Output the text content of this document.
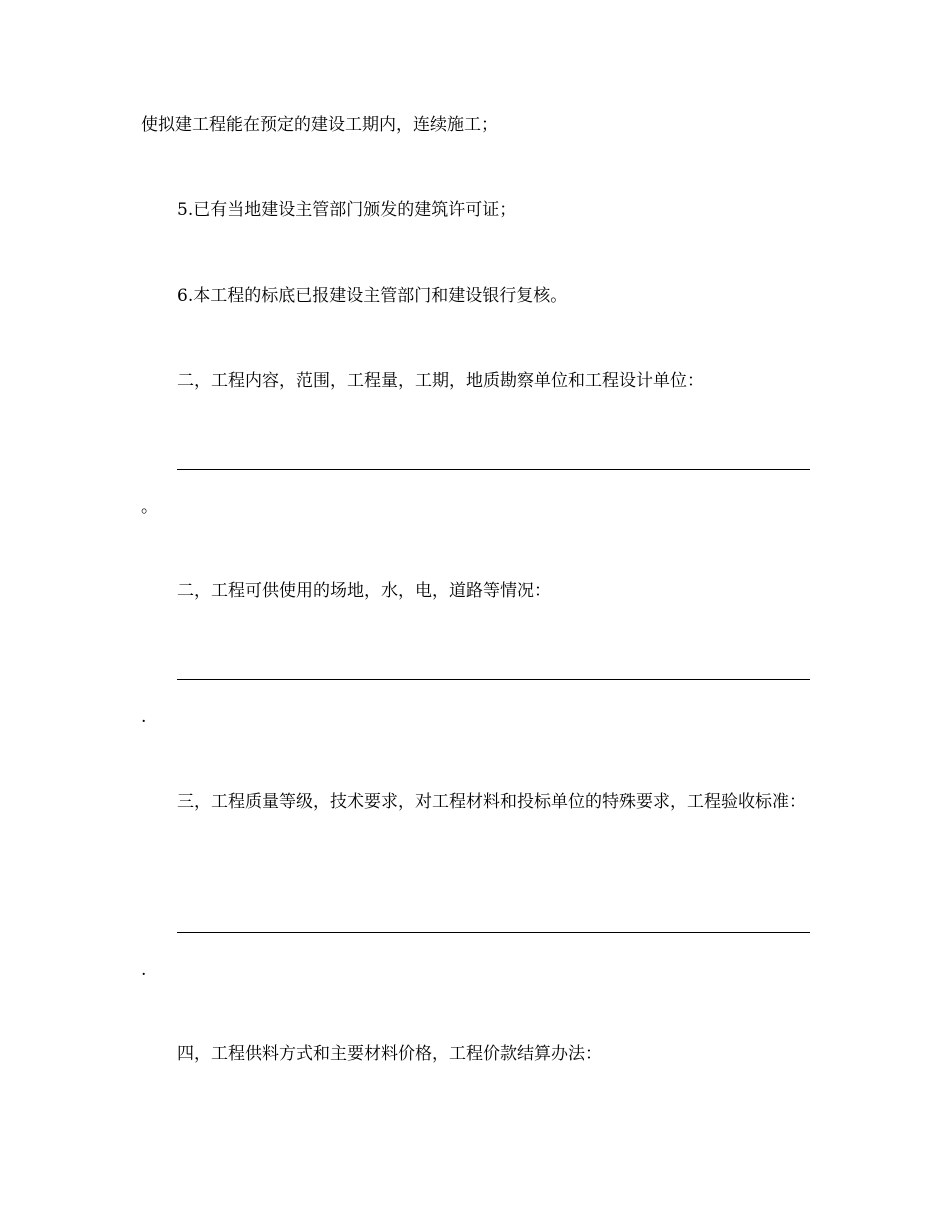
使拟建工程能在预定的建设工期内，连续施工；

5.已有当地建设主管部门颁发的建筑许可证；

6.本工程的标底已报建设主管部门和建设银行复核。

二，工程内容，范围，工程量，工期，地质勘察单位和工程设计单位：

。

二，工程可供使用的场地，水，电，道路等情况：

.

三，工程质量等级，技术要求，对工程材料和投标单位的特殊要求，工程验收标准：

.

四，工程供料方式和主要材料价格，工程价款结算办法：
